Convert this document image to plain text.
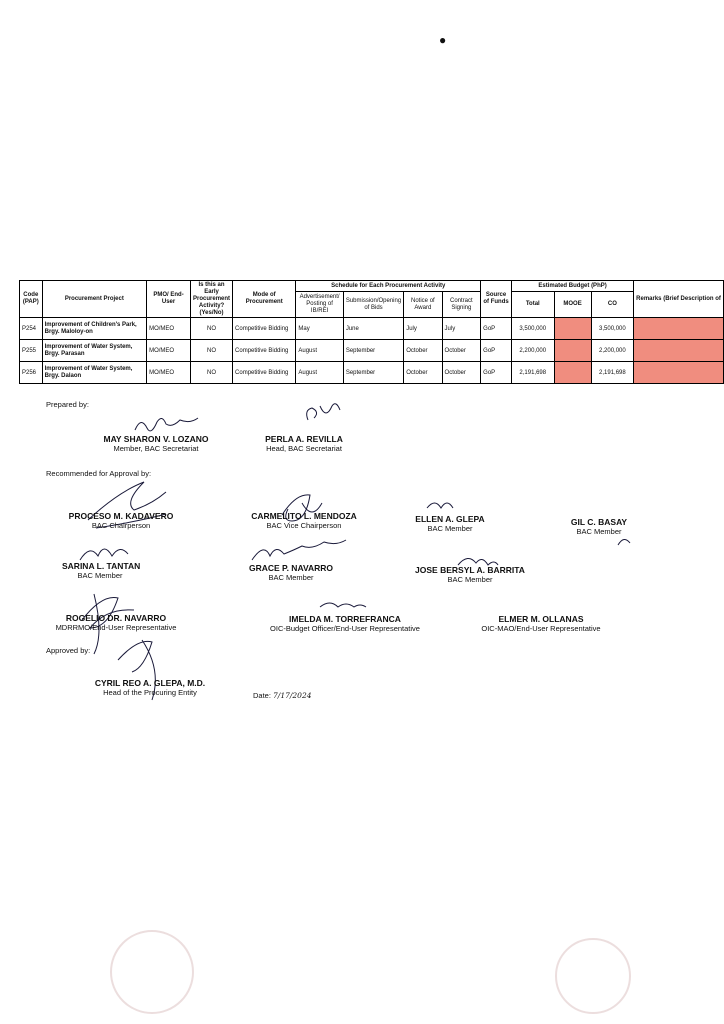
●
Code (PAP)	Procurement Project	PMO/ End-User	Is this an Early Procurement Activity? (Yes/No)	Mode of Procurement	Schedule for Each Procurement Activity				Source of Funds	Estimated Budget (PhP)			Remarks (Brief Description of
					Advertisement/ Posting of IB/REI	Submission/Opening of Bids	Notice of Award	Contract Signing		Total	MOOE	CO	
P254	Improvement of Children's Park, Brgy. Maloloy-on	MO/MEO	NO	Competitive Bidding	May	June	July	July	GoP	3,500,000		3,500,000	
P255	Improvement of Water System, Brgy. Parasan	MO/MEO	NO	Competitive Bidding	August	September	October	October	GoP	2,200,000		2,200,000	
P256	Improvement of Water System, Brgy. Dalaon	MO/MEO	NO	Competitive Bidding	August	September	October	October	GoP	2,191,698		2,191,698	
Prepared by:
Recommended for Approval by:
Approved by:
MAY SHARON V. LOZANO
Member, BAC Secretariat
PERLA A. REVILLA
Head, BAC Secretariat
PROCESO M. KADAVERO
BAC Chairperson
CARMELITO L. MENDOZA
BAC Vice Chairperson
ELLEN A. GLEPA
BAC Member
GIL C. BASAY
BAC Member
SARINA L. TANTAN
BAC Member
GRACE P. NAVARRO
BAC Member
JOSE BERSYL A. BARRITA
BAC Member
ROGELIO DR. NAVARRO
MDRRMO/End-User Representative
IMELDA M. TORREFRANCA
OIC-Budget Officer/End-User Representative
ELMER M. OLLANAS
OIC-MAO/End-User Representative
CYRIL REO A. GLEPA, M.D.
Head of the Procuring Entity	Date: 7/17/2024
